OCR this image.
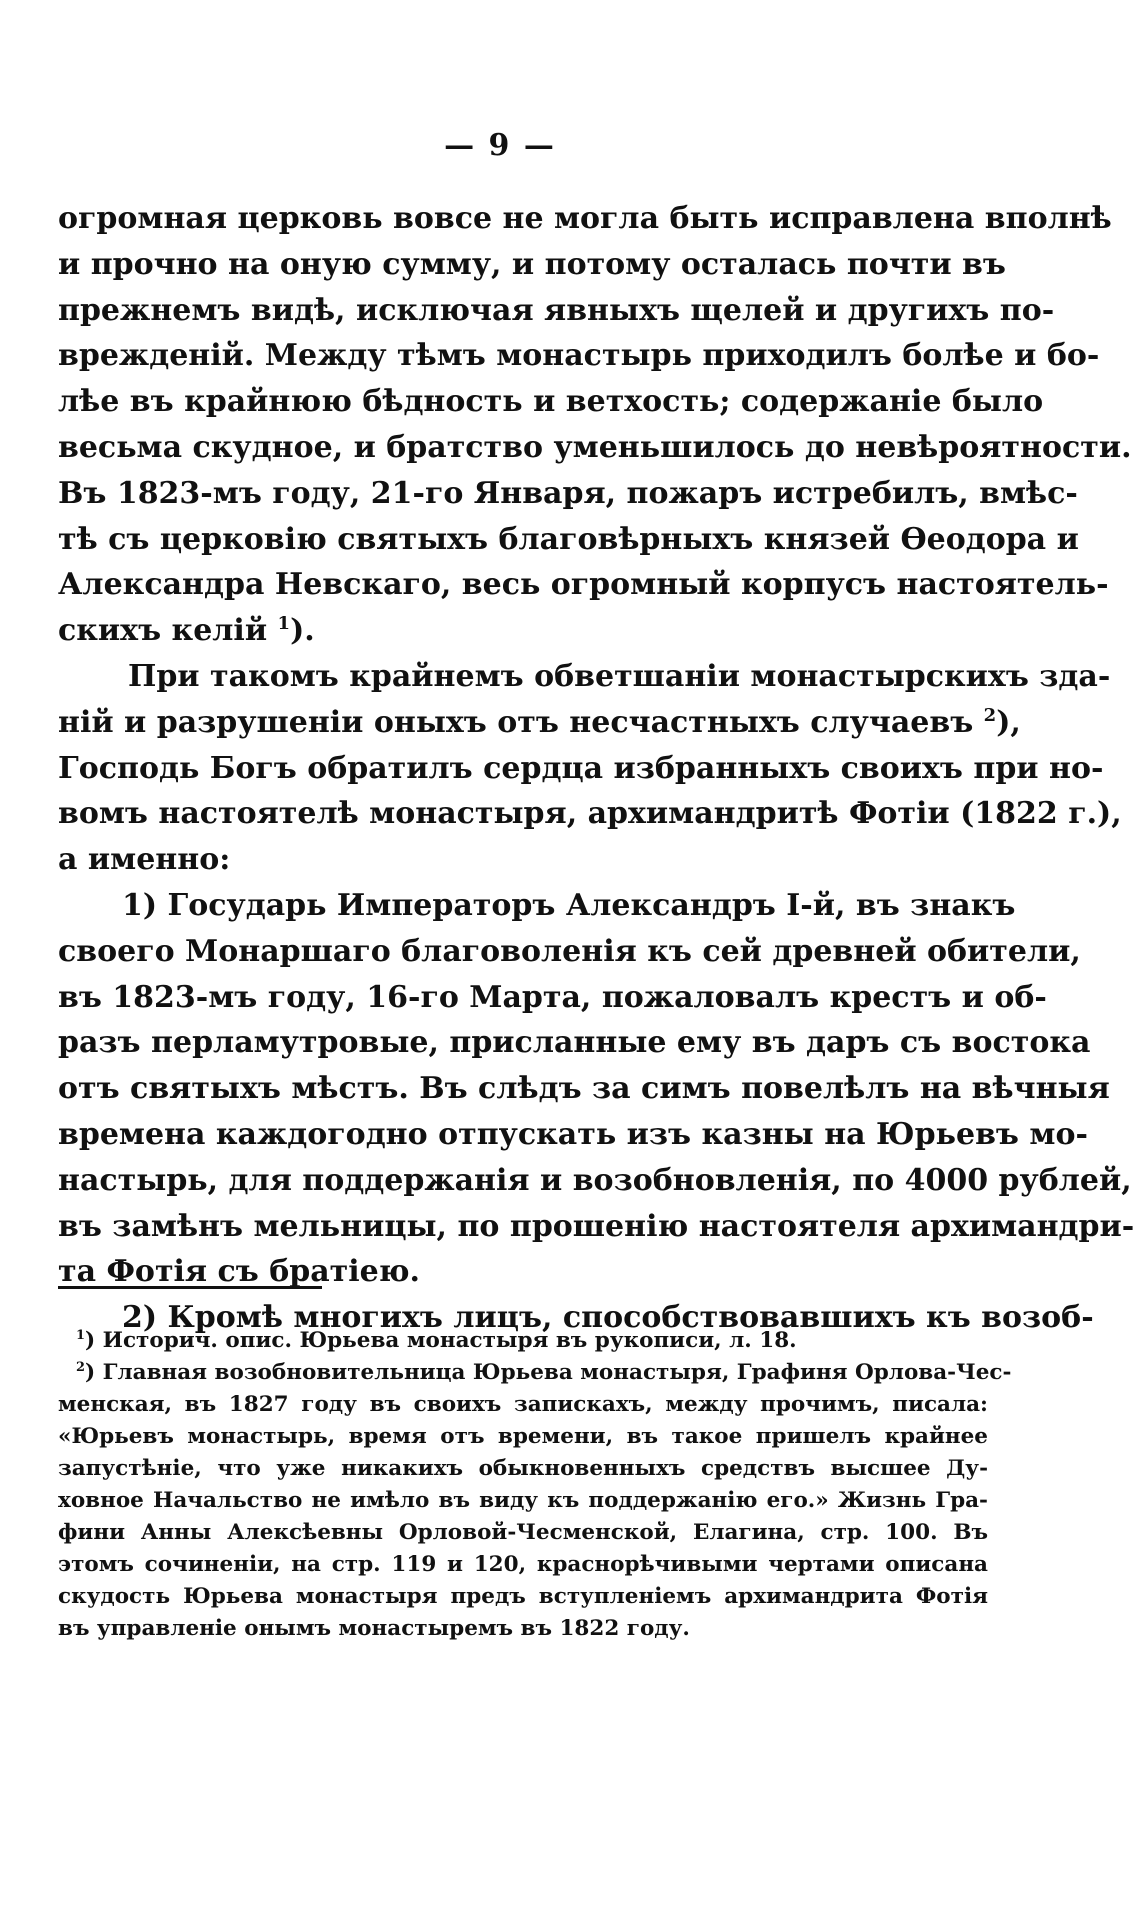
— 9 —
огромная церковь вовсе не могла быть исправлена вполнѣ
и прочно на оную сумму, и потому осталась почти въ
прежнемъ видѣ, исключая явныхъ щелей и другихъ по-
врежденій. Между тѣмъ монастырь приходилъ болѣе и бо-
лѣе въ крайнюю бѣдность и ветхость; содержаніе было
весьма скудное, и братство уменьшилось до невѣроятности.
Въ 1823-мъ году, 21-го Января, пожаръ истребилъ, вмѣс-
тѣ съ церковію святыхъ благовѣрныхъ князей Ѳеодора и
Александра Невскаго, весь огромный корпусъ настоятель-
скихъ келій $^1$).
При такомъ крайнемъ обветшаніи монастырскихъ зда-
ній и разрушеніи оныхъ отъ несчастныхъ случаевъ $^2$),
Господь Богъ обратилъ сердца избранныхъ своихъ при но-
вомъ настоятелѣ монастыря, архимандритѣ Фотіи (1822 г.),
а именно:
1) Государь Императоръ Александръ І-й, въ знакъ
своего Монаршаго благоволенія къ сей древней обители,
въ 1823-мъ году, 16-го Марта, пожаловалъ крестъ и об-
разъ перламутровые, присланные ему въ даръ съ востока
отъ святыхъ мѣстъ. Въ слѣдъ за симъ повелѣлъ на вѣчныя
времена каждогодно отпускать изъ казны на Юрьевъ мо-
настырь, для поддержанія и возобновленія, по 4000 рублей,
въ замѣнъ мельницы, по прошенію настоятеля архимандри-
та Фотія съ братіею.
2) Кромѣ многихъ лицъ, способствовавшихъ къ возоб-
$^1$) Историч. опис. Юрьева монастыря въ рукописи, л. 18.
$^2$) Главная возобновительница Юрьева монастыря, Графиня Орлова-Чес-
менская, въ 1827 году въ своихъ запискахъ, между прочимъ, писала:
«Юрьевъ монастырь, время отъ времени, въ такое пришелъ крайнее
запустѣніе, что уже никакихъ обыкновенныхъ средствъ высшее Ду-
ховное Начальство не имѣло въ виду къ поддержанію его.» Жизнь Гра-
фини Анны Алексѣевны Орловой-Чесменской, Елагина, стр. 100. Въ
этомъ сочиненіи, на стр. 119 и 120, краснорѣчивыми чертами описана
скудость Юрьева монастыря предъ вступленіемъ архимандрита Фотія
въ управленіе онымъ монастыремъ въ 1822 году.
